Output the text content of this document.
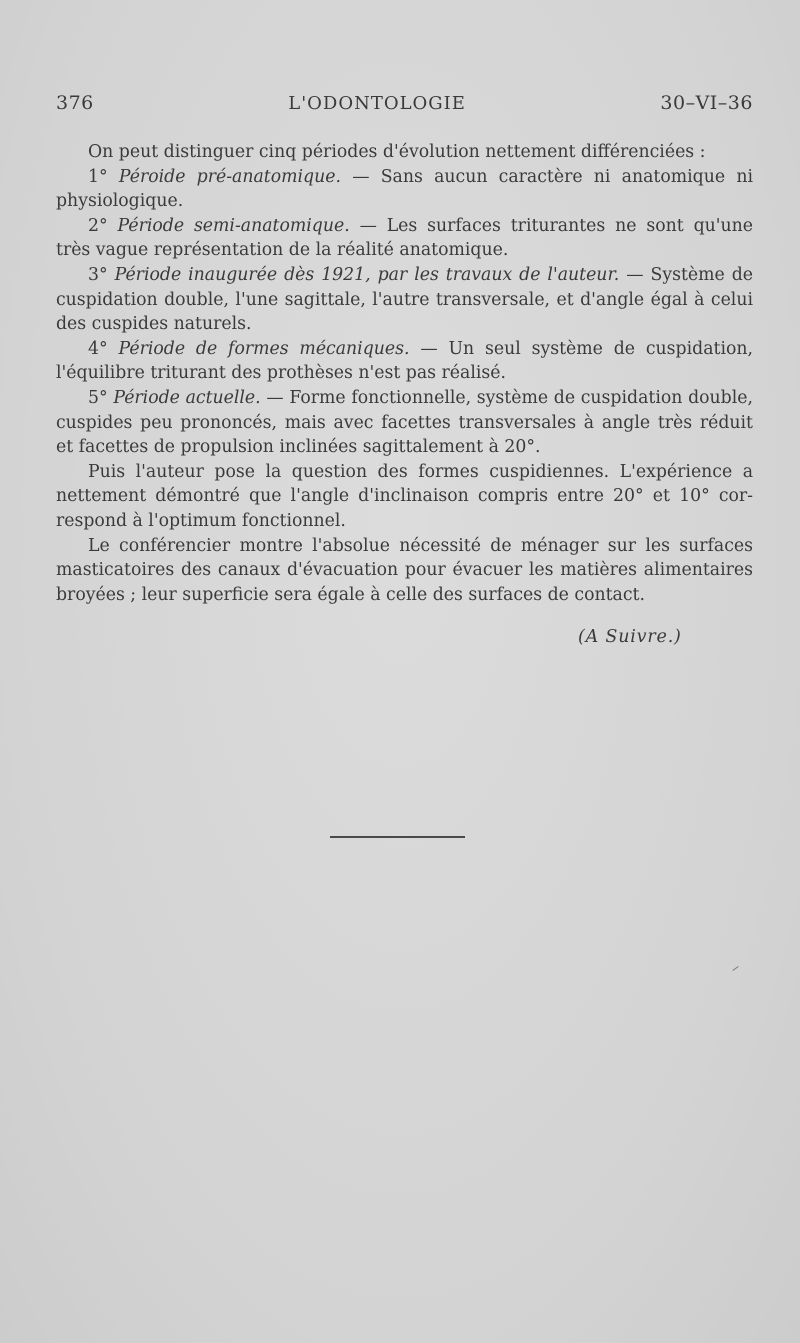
376	L'ODONTOLOGIE	30–VI–36

On peut distinguer cinq périodes d'évolution nettement différenciées :

1° Péroide pré-anatomique. — Sans aucun caractère ni anatomique ni physiologique.

2° Période semi-anatomique. — Les surfaces triturantes ne sont qu'une très vague représentation de la réalité anatomique.

3° Période inaugurée dès 1921, par les travaux de l'auteur. — Système de cuspidation double, l'une sagittale, l'autre transversale, et d'angle égal à celui des cuspides naturels.

4° Période de formes mécaniques. — Un seul système de cuspidation, l'équilibre triturant des prothèses n'est pas réalisé.

5° Période actuelle. — Forme fonctionnelle, système de cuspidation double, cuspides peu prononcés, mais avec facettes transversales à angle très réduit et facettes de propulsion inclinées sagittalement à 20°.

Puis l'auteur pose la question des formes cuspidiennes. L'expérience a nettement démontré que l'angle d'inclinaison compris entre 20° et 10° correspond à l'optimum fonctionnel.

Le conférencier montre l'absolue nécessité de ménager sur les surfaces masticatoires des canaux d'évacuation pour évacuer les matières alimentaires broyées ; leur superficie sera égale à celle des surfaces de contact.

(A Suivre.)
